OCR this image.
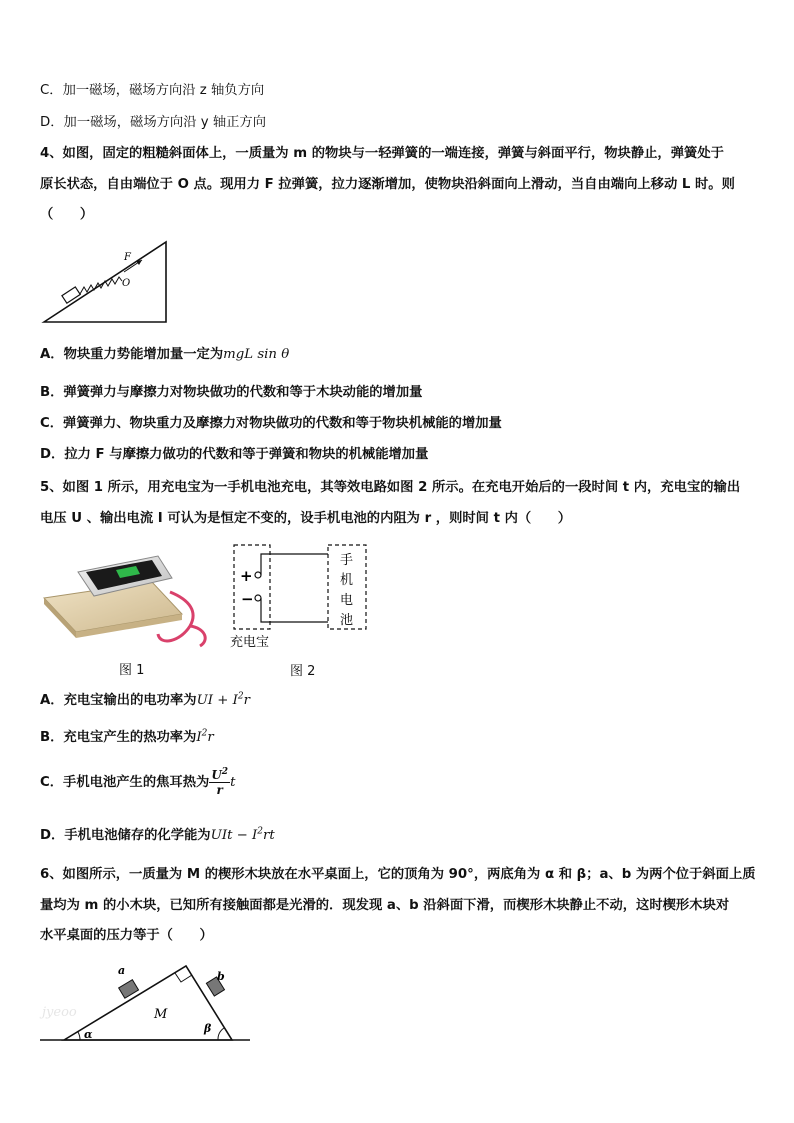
C．加一磁场，磁场方向沿 z 轴负方向
D．加一磁场，磁场方向沿 y 轴正方向
4、如图，固定的粗糙斜面体上，一质量为 m 的物块与一轻弹簧的一端连接，弹簧与斜面平行，物块静止，弹簧处于
原长状态，自由端位于 O 点。现用力 F 拉弹簧，拉力逐渐增加，使物块沿斜面向上滑动，当自由端向上移动 L 时。则
（　　）
F
O
A．物块重力势能增加量一定为mgL sin θ
B．弹簧弹力与摩擦力对物块做功的代数和等于木块动能的增加量
C．弹簧弹力、物块重力及摩擦力对物块做功的代数和等于物块机械能的增加量
D．拉力 F 与摩擦力做功的代数和等于弹簧和物块的机械能增加量
5、如图 1 所示，用充电宝为一手机电池充电，其等效电路如图 2 所示。在充电开始后的一段时间 t 内，充电宝的输出
电压 U 、输出电流 I 可认为是恒定不变的，设手机电池的内阻为 r ，则时间 t 内（　　）
图 1
+
−
手
机
电
池
充电宝
图 2
A．充电宝输出的电功率为UI + $I^2r$
B．充电宝产生的热功率为$I^2r$
C．手机电池产生的焦耳热为 $\frac{U^2}{r}$ t
D．手机电池储存的化学能为UIt − $I^2rt$
6、如图所示，一质量为 M 的楔形木块放在水平桌面上，它的顶角为 90°，两底角为 α 和 β；a、b 为两个位于斜面上质
量均为 m 的小木块，已知所有接触面都是光滑的．现发现 a、b 沿斜面下滑，而楔形木块静止不动，这时楔形木块对
水平桌面的压力等于（　　）
a	b
M
α	β
jyeoo
